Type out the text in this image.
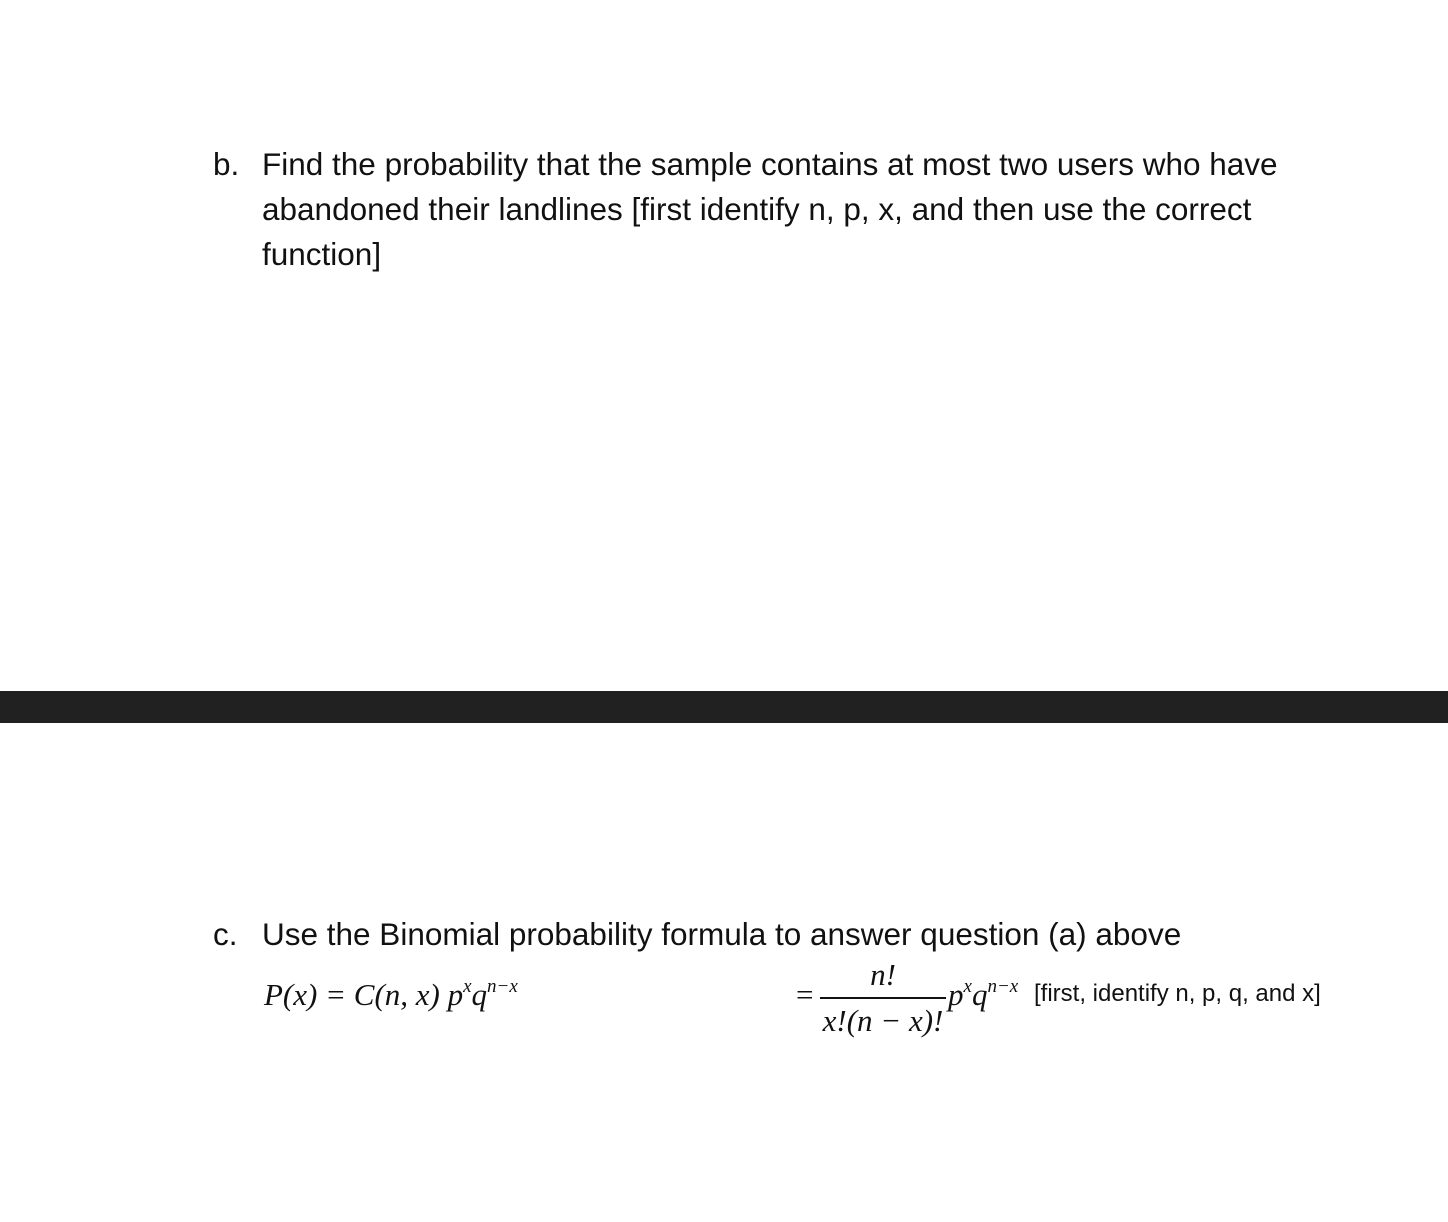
b. Find the probability that the sample contains at most two users who have abandoned their landlines [first identify n, p, x, and then use the correct function]
c. Use the Binomial probability formula to answer question (a) above
P(x) = C(n, x) $p^xq^{n-x}$	=
n!
x!(n − x)!
$p^xq^{n-x}$ [first, identify n, p, q, and x]
